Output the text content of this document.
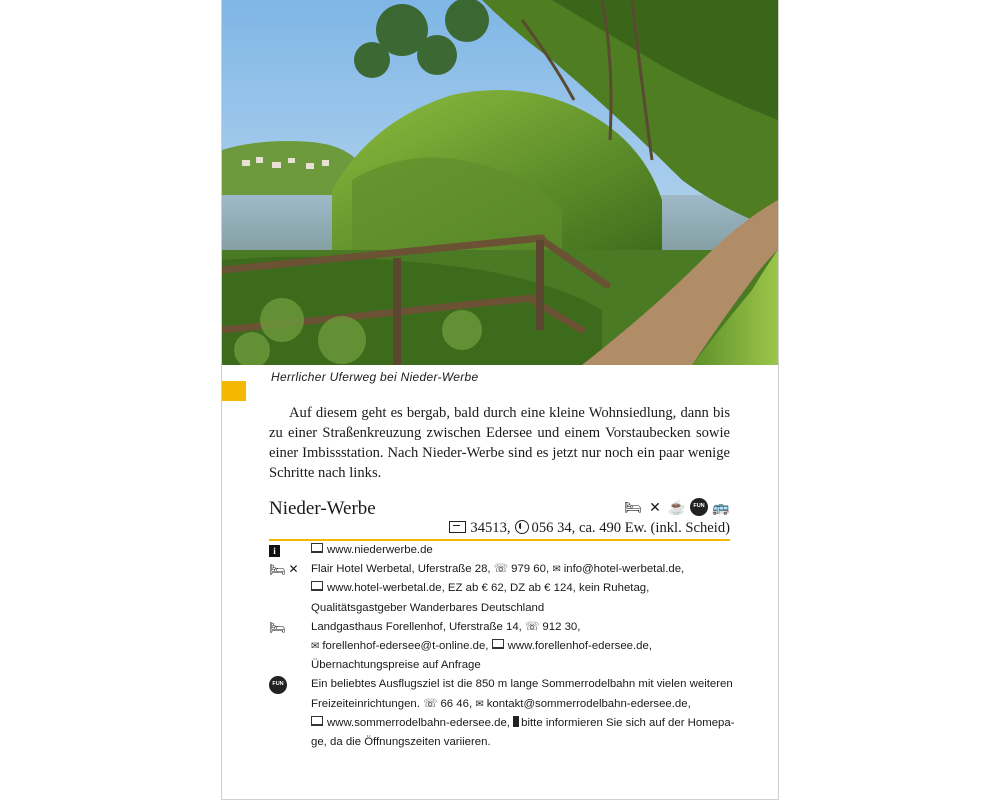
Herrlicher Uferweg bei Nieder-Werbe

Auf diesem geht es bergab, bald durch eine kleine Wohnsiedlung, dann bis zu einer Straßenkreuzung zwischen Edersee und einem Vorstaubecken sowie einer Imbissstation. Nach Nieder-Werbe sind es jetzt nur noch ein paar wenige Schritte nach links.

Nieder-Werbe	🛏 ✕ ☕	FUN 🚌
34513, 056 34, ca. 490 Ew. (inkl. Scheid)
i	www.niederwerbe.de
🛏 ✕ Flair Hotel Werbetal, Uferstraße 28, ☏ 979 60, ✉ info@hotel-werbetal.de,
www.hotel-werbetal.de, EZ ab € 62, DZ ab € 124, kein Ruhetag,
Qualitätsgastgeber Wanderbares Deutschland
🛏 Landgasthaus Forellenhof, Uferstraße 14, ☏ 912 30,
✉ forellenhof-edersee@t-online.de, www.forellenhof-edersee.de,
Übernachtungspreise auf Anfrage
FUN Ein beliebtes Ausflugsziel ist die 850 m lange Sommerrodelbahn mit vielen weiteren
Freizeiteinrichtungen. ☏ 66 46, ✉ kontakt@sommerrodelbahn-edersee.de,
www.sommerrodelbahn-edersee.de, bitte informieren Sie sich auf der Homepa-
ge, da die Öffnungszeiten variieren.
